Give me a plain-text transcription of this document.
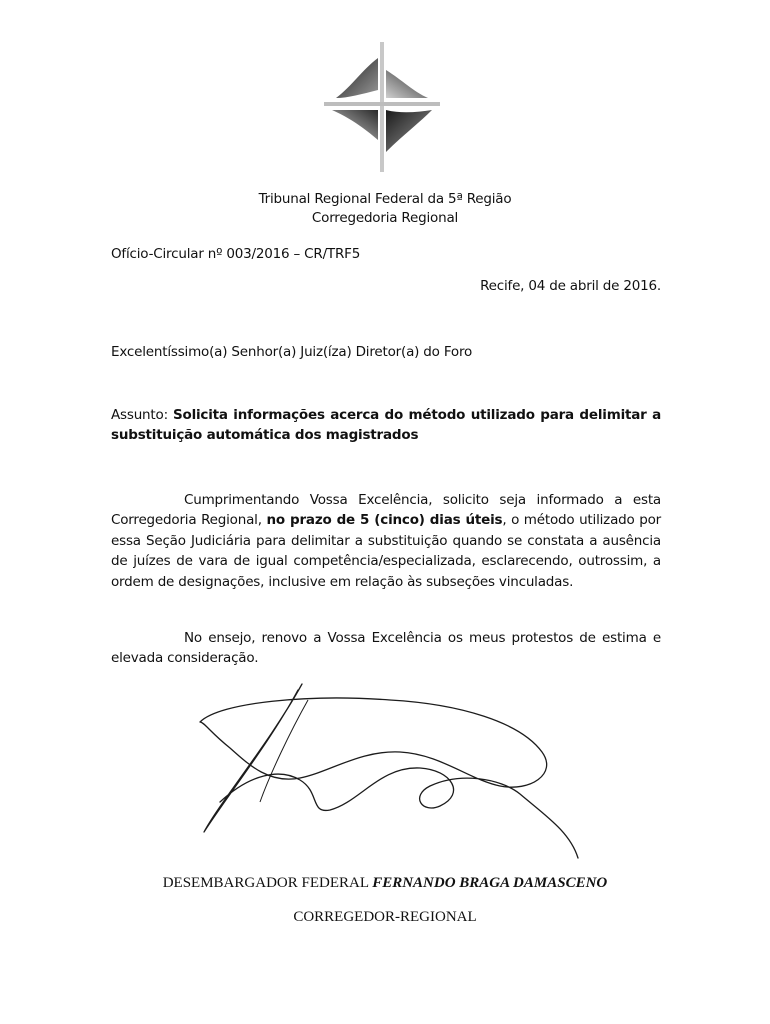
Tribunal Regional Federal da 5ª Região
Corregedoria Regional
Ofício-Circular nº 003/2016 – CR/TRF5
Recife, 04 de abril de 2016.
Excelentíssimo(a) Senhor(a) Juiz(íza) Diretor(a) do Foro
Assunto: Solicita informações acerca do método utilizado para delimitar a substituição automática dos magistrados
Cumprimentando Vossa Excelência, solicito seja informado a esta Corregedoria Regional, no prazo de 5 (cinco) dias úteis, o método utilizado por essa Seção Judiciária para delimitar a substituição quando se constata a ausência de juízes de vara de igual competência/especializada, esclarecendo, outrossim, a ordem de designações, inclusive em relação às subseções vinculadas.
No ensejo, renovo a Vossa Excelência os meus protestos de estima e elevada consideração.
DESEMBARGADOR FEDERAL FERNANDO BRAGA DAMASCENO
CORREGEDOR-REGIONAL
